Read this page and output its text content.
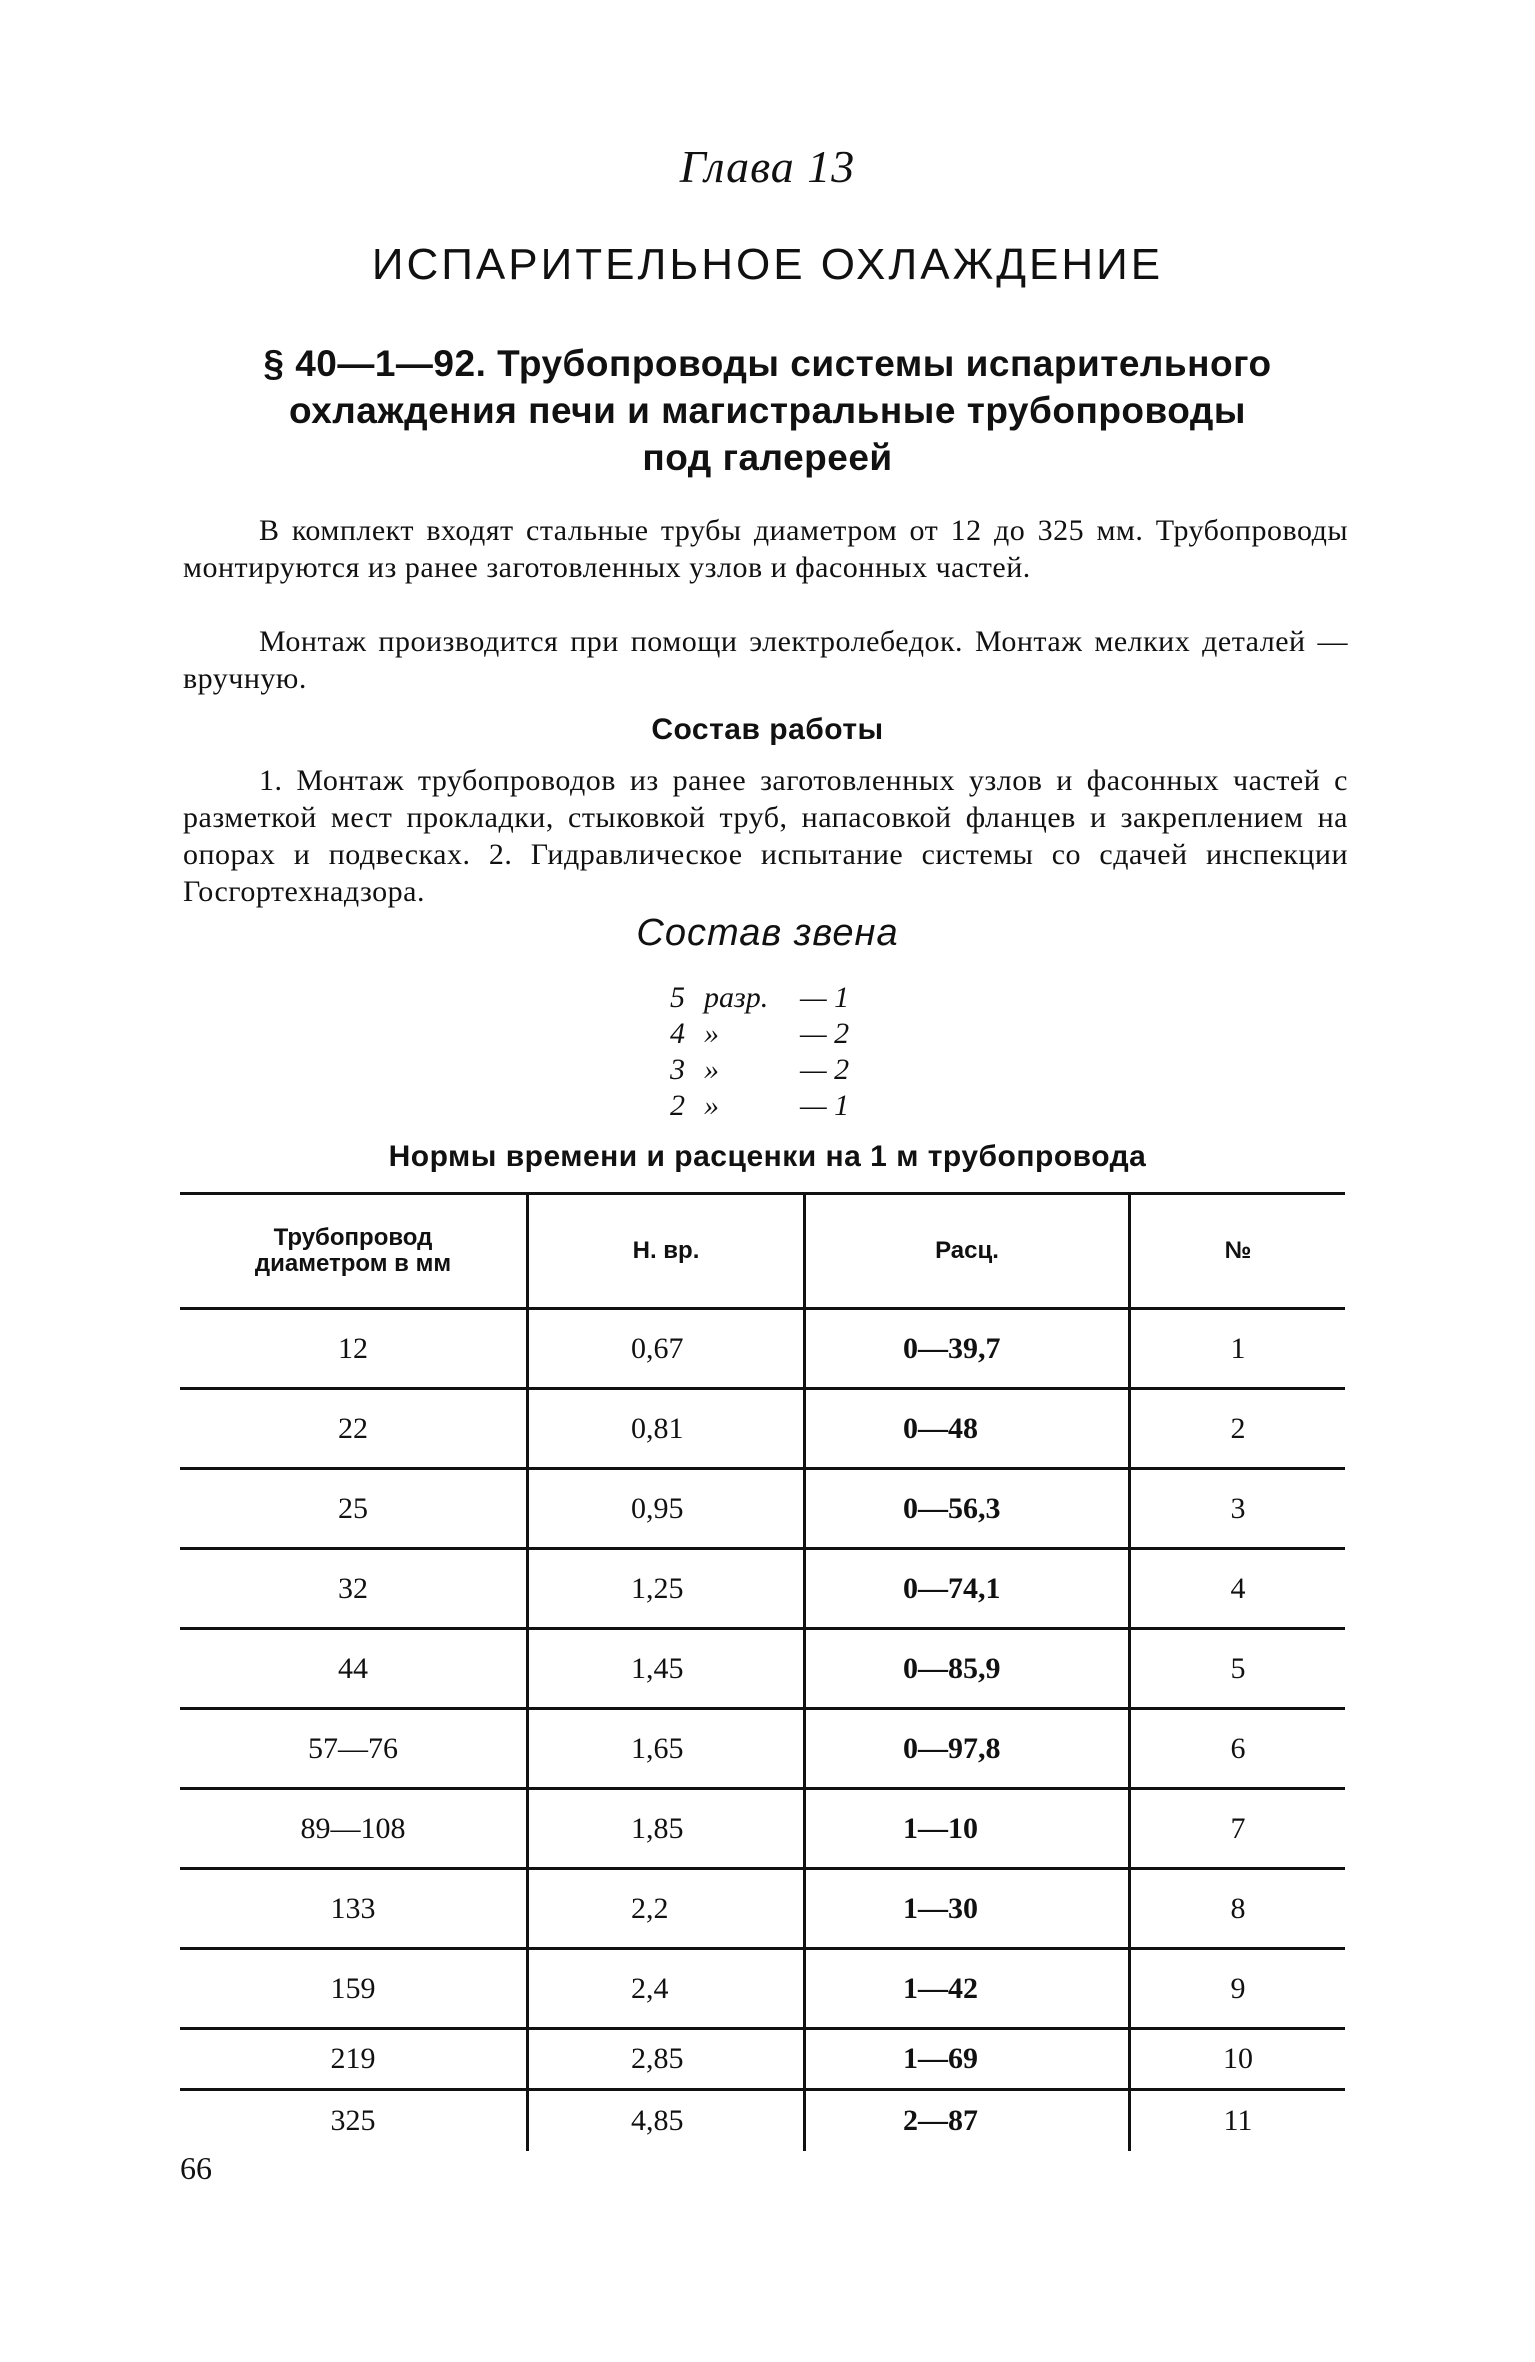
Глава 13
ИСПАРИТЕЛЬНОЕ ОХЛАЖДЕНИЕ
§ 40—1—92. Трубопроводы системы испарительного
охлаждения печи и магистральные трубопроводы
под галереей
В комплект входят стальные трубы диаметром от 12 до 325 мм. Трубопроводы монтируются из ранее заготовленных узлов и фасонных частей.
Монтаж производится при помощи электролебедок. Монтаж мелких деталей — вручную.
Состав работы
1. Монтаж трубопроводов из ранее заготовленных узлов и фасонных частей с разметкой мест прокладки, стыковкой труб, напасовкой фланцев и закреплением на опорах и подвесках. 2. Гидравлическое испытание системы со сдачей инспекции Госгортехнадзора.
Состав звена
5 разр.	— 1
4 »	— 2
3 »	— 2
2 »	— 1
Нормы времени и расценки на 1 м трубопровода
Трубопровод
диаметром в мм	Н. вр.	Расц.	№
12	0,67	0—39,7	1
22	0,81	0—48	2
25	0,95	0—56,3	3
32	1,25	0—74,1	4
44	1,45	0—85,9	5
57—76	1,65	0—97,8	6
89—108	1,85	1—10	7
133	2,2	1—30	8
159	2,4	1—42	9
219	2,85	1—69	10
325	4,85	2—87	11
66
